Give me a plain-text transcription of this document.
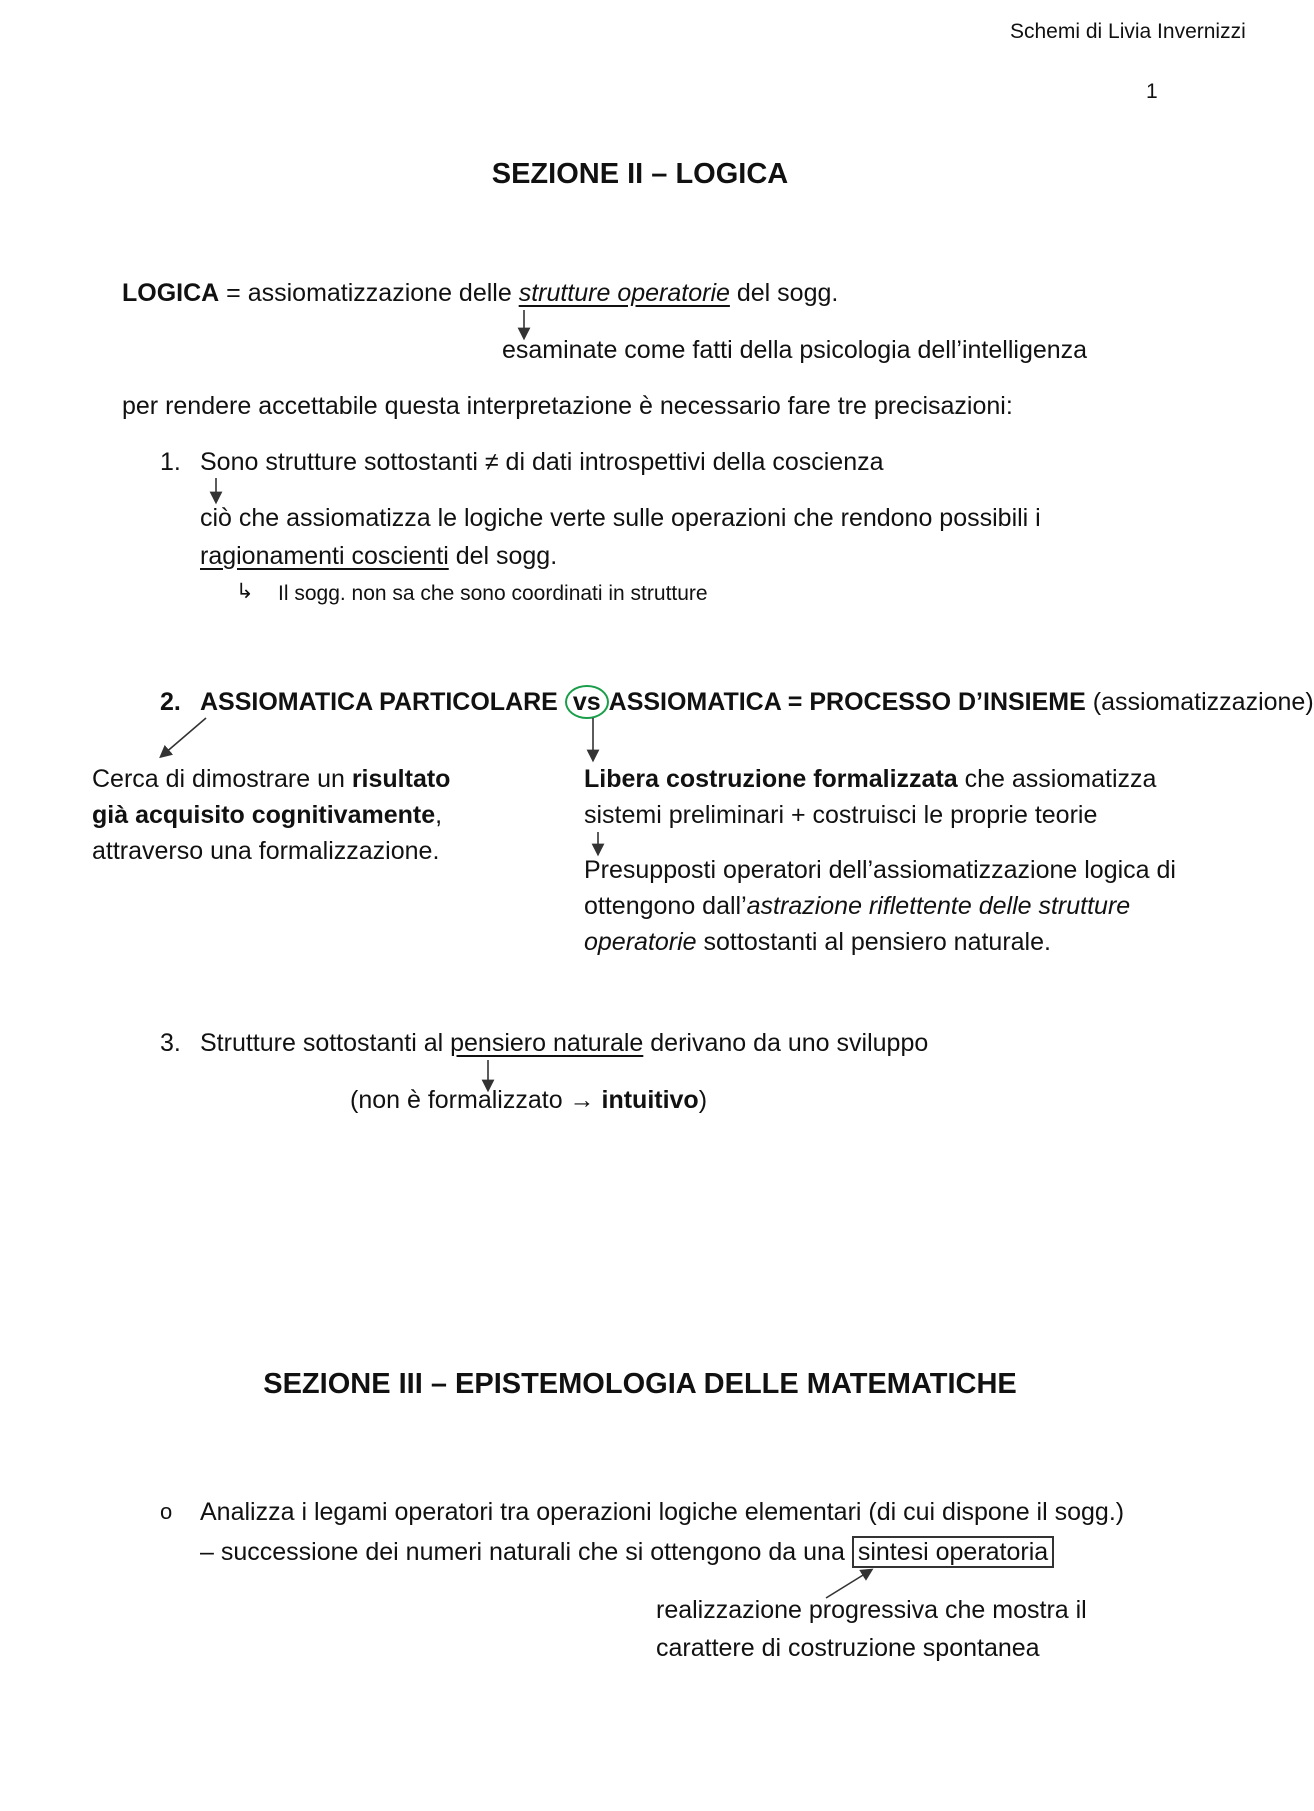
Schemi di Livia Invernizzi
1
SEZIONE II – LOGICA
LOGICA = assiomatizzazione delle strutture operatorie del sogg.
esaminate come fatti della psicologia dell’intelligenza
per rendere accettabile questa interpretazione è necessario fare tre precisazioni:
1. Sono strutture sottostanti ≠ di dati introspettivi della coscienza
ciò che assiomatizza le logiche verte sulle operazioni che rendono possibili i
ragionamenti coscienti del sogg.
↳ Il sogg. non sa che sono coordinati in strutture
2. ASSIOMATICA PARTICOLARE vs ASSIOMATICA = PROCESSO D’INSIEME (assiomatizzazione)
Cerca di dimostrare un risultato
già acquisito cognitivamente,
attraverso una formalizzazione.
Libera costruzione formalizzata che assiomatizza
sistemi preliminari + costruisci le proprie teorie
Presupposti operatori dell’assiomatizzazione logica di
ottengono dall’astrazione riflettente delle strutture
operatorie sottostanti al pensiero naturale.
3. Strutture sottostanti al pensiero naturale derivano da uno sviluppo
(non è formalizzato → intuitivo)
SEZIONE III – EPISTEMOLOGIA DELLE MATEMATICHE
o Analizza i legami operatori tra operazioni logiche elementari (di cui dispone il sogg.)
– successione dei numeri naturali che si ottengono da una sintesi operatoria
realizzazione progressiva che mostra il
carattere di costruzione spontanea
